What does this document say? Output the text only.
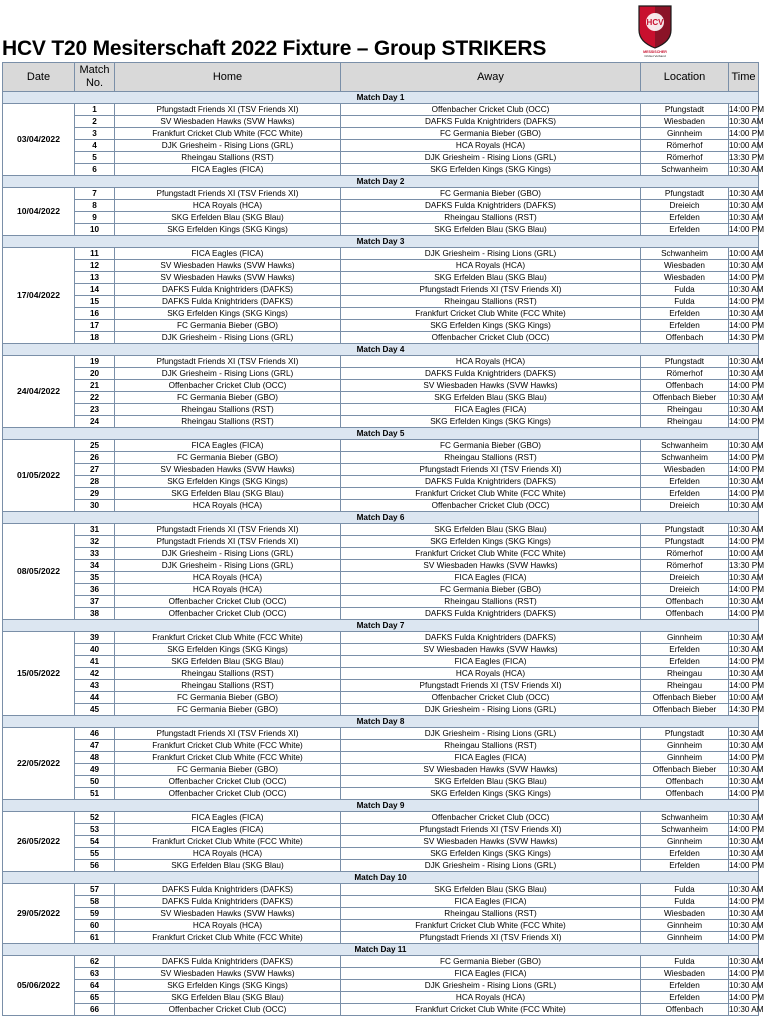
HCV T20 Mesiterschaft 2022 Fixture – Group STRIKERS
HCV
MESSISCHER
Cricket Verband
Date	Match
No.	Home	Away	Location	Time
Match Day 1					
03/04/2022	1	Pfungstadt Friends XI (TSV Friends XI)	Offenbacher Cricket Club (OCC)	Pfungstadt	14:00 PM
	2	SV Wiesbaden Hawks (SVW Hawks)	DAFKS Fulda Knightriders (DAFKS)	Wiesbaden	10:30 AM
	3	Frankfurt Cricket Club White (FCC White)	FC Germania Bieber (GBO)	Ginnheim	14:00 PM
	4	DJK Griesheim - Rising Lions (GRL)	HCA Royals (HCA)	Römerhof	10:00 AM
	5	Rheingau Stallions (RST)	DJK Griesheim - Rising Lions (GRL)	Römerhof	13:30 PM
	6	FICA Eagles (FICA)	SKG Erfelden Kings (SKG Kings)	Schwanheim	10:30 AM
Match Day 2					
10/04/2022	7	Pfungstadt Friends XI (TSV Friends XI)	FC Germania Bieber (GBO)	Pfungstadt	10:30 AM
	8	HCA Royals (HCA)	DAFKS Fulda Knightriders (DAFKS)	Dreieich	10:30 AM
	9	SKG Erfelden Blau (SKG Blau)	Rheingau Stallions (RST)	Erfelden	10:30 AM
	10	SKG Erfelden Kings (SKG Kings)	SKG Erfelden Blau (SKG Blau)	Erfelden	14:00 PM
Match Day 3					
17/04/2022	11	FICA Eagles (FICA)	DJK Griesheim - Rising Lions (GRL)	Schwanheim	10:00 AM
	12	SV Wiesbaden Hawks (SVW Hawks)	HCA Royals (HCA)	Wiesbaden	10:30 AM
	13	SV Wiesbaden Hawks (SVW Hawks)	SKG Erfelden Blau (SKG Blau)	Wiesbaden	14:00 PM
	14	DAFKS Fulda Knightriders (DAFKS)	Pfungstadt Friends XI (TSV Friends XI)	Fulda	10:30 AM
	15	DAFKS Fulda Knightriders (DAFKS)	Rheingau Stallions (RST)	Fulda	14:00 PM
	16	SKG Erfelden Kings (SKG Kings)	Frankfurt Cricket Club White (FCC White)	Erfelden	10:30 AM
	17	FC Germania Bieber (GBO)	SKG Erfelden Kings (SKG Kings)	Erfelden	14:00 PM
	18	DJK Griesheim - Rising Lions (GRL)	Offenbacher Cricket Club (OCC)	Offenbach	14:30 PM
Match Day 4					
24/04/2022	19	Pfungstadt Friends XI (TSV Friends XI)	HCA Royals (HCA)	Pfungstadt	10:30 AM
	20	DJK Griesheim - Rising Lions (GRL)	DAFKS Fulda Knightriders (DAFKS)	Römerhof	10:30 AM
	21	Offenbacher Cricket Club (OCC)	SV Wiesbaden Hawks (SVW Hawks)	Offenbach	14:00 PM
	22	FC Germania Bieber (GBO)	SKG Erfelden Blau (SKG Blau)	Offenbach Bieber	10:30 AM
	23	Rheingau Stallions (RST)	FICA Eagles (FICA)	Rheingau	10:30 AM
	24	Rheingau Stallions (RST)	SKG Erfelden Kings (SKG Kings)	Rheingau	14:00 PM
Match Day 5					
01/05/2022	25	FICA Eagles (FICA)	FC Germania Bieber (GBO)	Schwanheim	10:30 AM
	26	FC Germania Bieber (GBO)	Rheingau Stallions (RST)	Schwanheim	14:00 PM
	27	SV Wiesbaden Hawks (SVW Hawks)	Pfungstadt Friends XI (TSV Friends XI)	Wiesbaden	14:00 PM
	28	SKG Erfelden Kings (SKG Kings)	DAFKS Fulda Knightriders (DAFKS)	Erfelden	10:30 AM
	29	SKG Erfelden Blau (SKG Blau)	Frankfurt Cricket Club White (FCC White)	Erfelden	14:00 PM
	30	HCA Royals (HCA)	Offenbacher Cricket Club (OCC)	Dreieich	10:30 AM
Match Day 6					
08/05/2022	31	Pfungstadt Friends XI (TSV Friends XI)	SKG Erfelden Blau (SKG Blau)	Pfungstadt	10:30 AM
	32	Pfungstadt Friends XI (TSV Friends XI)	SKG Erfelden Kings (SKG Kings)	Pfungstadt	14:00 PM
	33	DJK Griesheim - Rising Lions (GRL)	Frankfurt Cricket Club White (FCC White)	Römerhof	10:00 AM
	34	DJK Griesheim - Rising Lions (GRL)	SV Wiesbaden Hawks (SVW Hawks)	Römerhof	13:30 PM
	35	HCA Royals (HCA)	FICA Eagles (FICA)	Dreieich	10:30 AM
	36	HCA Royals (HCA)	FC Germania Bieber (GBO)	Dreieich	14:00 PM
	37	Offenbacher Cricket Club (OCC)	Rheingau Stallions (RST)	Offenbach	10:30 AM
	38	Offenbacher Cricket Club (OCC)	DAFKS Fulda Knightriders (DAFKS)	Offenbach	14:00 PM
Match Day 7					
15/05/2022	39	Frankfurt Cricket Club White (FCC White)	DAFKS Fulda Knightriders (DAFKS)	Ginnheim	10:30 AM
	40	SKG Erfelden Kings (SKG Kings)	SV Wiesbaden Hawks (SVW Hawks)	Erfelden	10:30 AM
	41	SKG Erfelden Blau (SKG Blau)	FICA Eagles (FICA)	Erfelden	14:00 PM
	42	Rheingau Stallions (RST)	HCA Royals (HCA)	Rheingau	10:30 AM
	43	Rheingau Stallions (RST)	Pfungstadt Friends XI (TSV Friends XI)	Rheingau	14:00 PM
	44	FC Germania Bieber (GBO)	Offenbacher Cricket Club (OCC)	Offenbach Bieber	10:00 AM
	45	FC Germania Bieber (GBO)	DJK Griesheim - Rising Lions (GRL)	Offenbach Bieber	14:30 PM
Match Day 8					
22/05/2022	46	Pfungstadt Friends XI (TSV Friends XI)	DJK Griesheim - Rising Lions (GRL)	Pfungstadt	10:30 AM
	47	Frankfurt Cricket Club White (FCC White)	Rheingau Stallions (RST)	Ginnheim	10:30 AM
	48	Frankfurt Cricket Club White (FCC White)	FICA Eagles (FICA)	Ginnheim	14:00 PM
	49	FC Germania Bieber (GBO)	SV Wiesbaden Hawks (SVW Hawks)	Offenbach Bieber	10:30 AM
	50	Offenbacher Cricket Club (OCC)	SKG Erfelden Blau (SKG Blau)	Offenbach	10:30 AM
	51	Offenbacher Cricket Club (OCC)	SKG Erfelden Kings (SKG Kings)	Offenbach	14:00 PM
Match Day 9					
26/05/2022	52	FICA Eagles (FICA)	Offenbacher Cricket Club (OCC)	Schwanheim	10:30 AM
	53	FICA Eagles (FICA)	Pfungstadt Friends XI (TSV Friends XI)	Schwanheim	14:00 PM
	54	Frankfurt Cricket Club White (FCC White)	SV Wiesbaden Hawks (SVW Hawks)	Ginnheim	10:30 AM
	55	HCA Royals (HCA)	SKG Erfelden Kings (SKG Kings)	Erfelden	10:30 AM
	56	SKG Erfelden Blau (SKG Blau)	DJK Griesheim - Rising Lions (GRL)	Erfelden	14:00 PM
Match Day 10					
29/05/2022	57	DAFKS Fulda Knightriders (DAFKS)	SKG Erfelden Blau (SKG Blau)	Fulda	10:30 AM
	58	DAFKS Fulda Knightriders (DAFKS)	FICA Eagles (FICA)	Fulda	14:00 PM
	59	SV Wiesbaden Hawks (SVW Hawks)	Rheingau Stallions (RST)	Wiesbaden	10:30 AM
	60	HCA Royals (HCA)	Frankfurt Cricket Club White (FCC White)	Ginnheim	10:30 AM
	61	Frankfurt Cricket Club White (FCC White)	Pfungstadt Friends XI (TSV Friends XI)	Ginnheim	14:00 PM
Match Day 11					
05/06/2022	62	DAFKS Fulda Knightriders (DAFKS)	FC Germania Bieber (GBO)	Fulda	10:30 AM
	63	SV Wiesbaden Hawks (SVW Hawks)	FICA Eagles (FICA)	Wiesbaden	14:00 PM
	64	SKG Erfelden Kings (SKG Kings)	DJK Griesheim - Rising Lions (GRL)	Erfelden	10:30 AM
	65	SKG Erfelden Blau (SKG Blau)	HCA Royals (HCA)	Erfelden	14:00 PM
	66	Offenbacher Cricket Club (OCC)	Frankfurt Cricket Club White (FCC White)	Offenbach	10:30 AM
